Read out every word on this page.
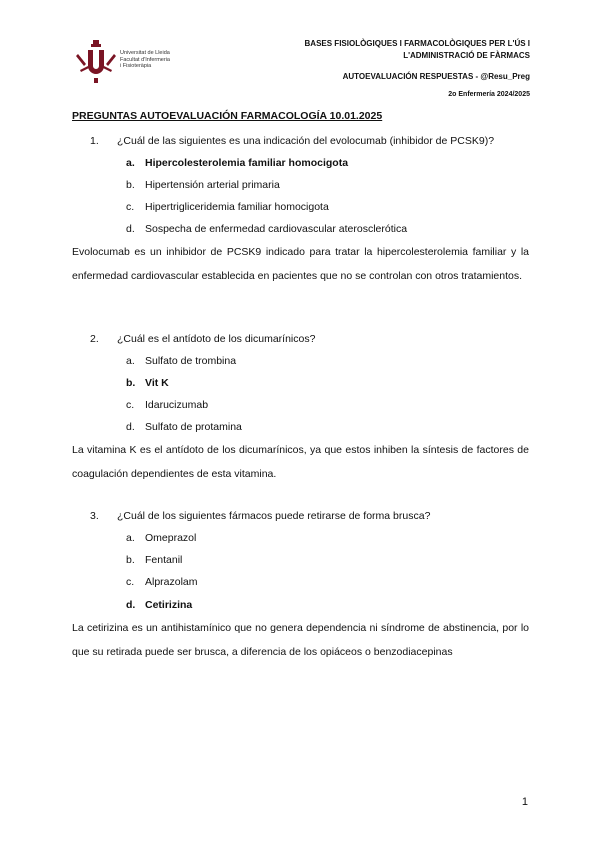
Universitat de Lleida
Facultat d'Infermeria
i Fisioteràpia
BASES FISIOLÒGIQUES I FARMACOLÒGIQUES PER L'ÚS I
L'ADMINISTRACIÓ DE FÀRMACS
AUTOEVALUACIÓN RESPUESTAS - @Resu_Preg
2o Enfermería 2024/2025
PREGUNTAS AUTOEVALUACIÓN FARMACOLOGÍA 10.01.2025
1. ¿Cuál de las siguientes es una indicación del evolocumab (inhibidor de PCSK9)?
a. Hipercolesterolemia familiar homocigota
b. Hipertensión arterial primaria
c. Hipertrigliceridemia familiar homocigota
d. Sospecha de enfermedad cardiovascular aterosclerótica
Evolocumab es un inhibidor de PCSK9 indicado para tratar la hipercolesterolemia familiar y la enfermedad cardiovascular establecida en pacientes que no se controlan con otros tratamientos.
2. ¿Cuál es el antídoto de los dicumarínicos?
a. Sulfato de trombina
b. Vit K
c. Idarucizumab
d. Sulfato de protamina
La vitamina K es el antídoto de los dicumarínicos, ya que estos inhiben la síntesis de factores de coagulación dependientes de esta vitamina.
3. ¿Cuál de los siguientes fármacos puede retirarse de forma brusca?
a. Omeprazol
b. Fentanil
c. Alprazolam
d. Cetirizina
La cetirizina es un antihistamínico que no genera dependencia ni síndrome de abstinencia, por lo que su retirada puede ser brusca, a diferencia de los opiáceos o benzodiacepinas
1
